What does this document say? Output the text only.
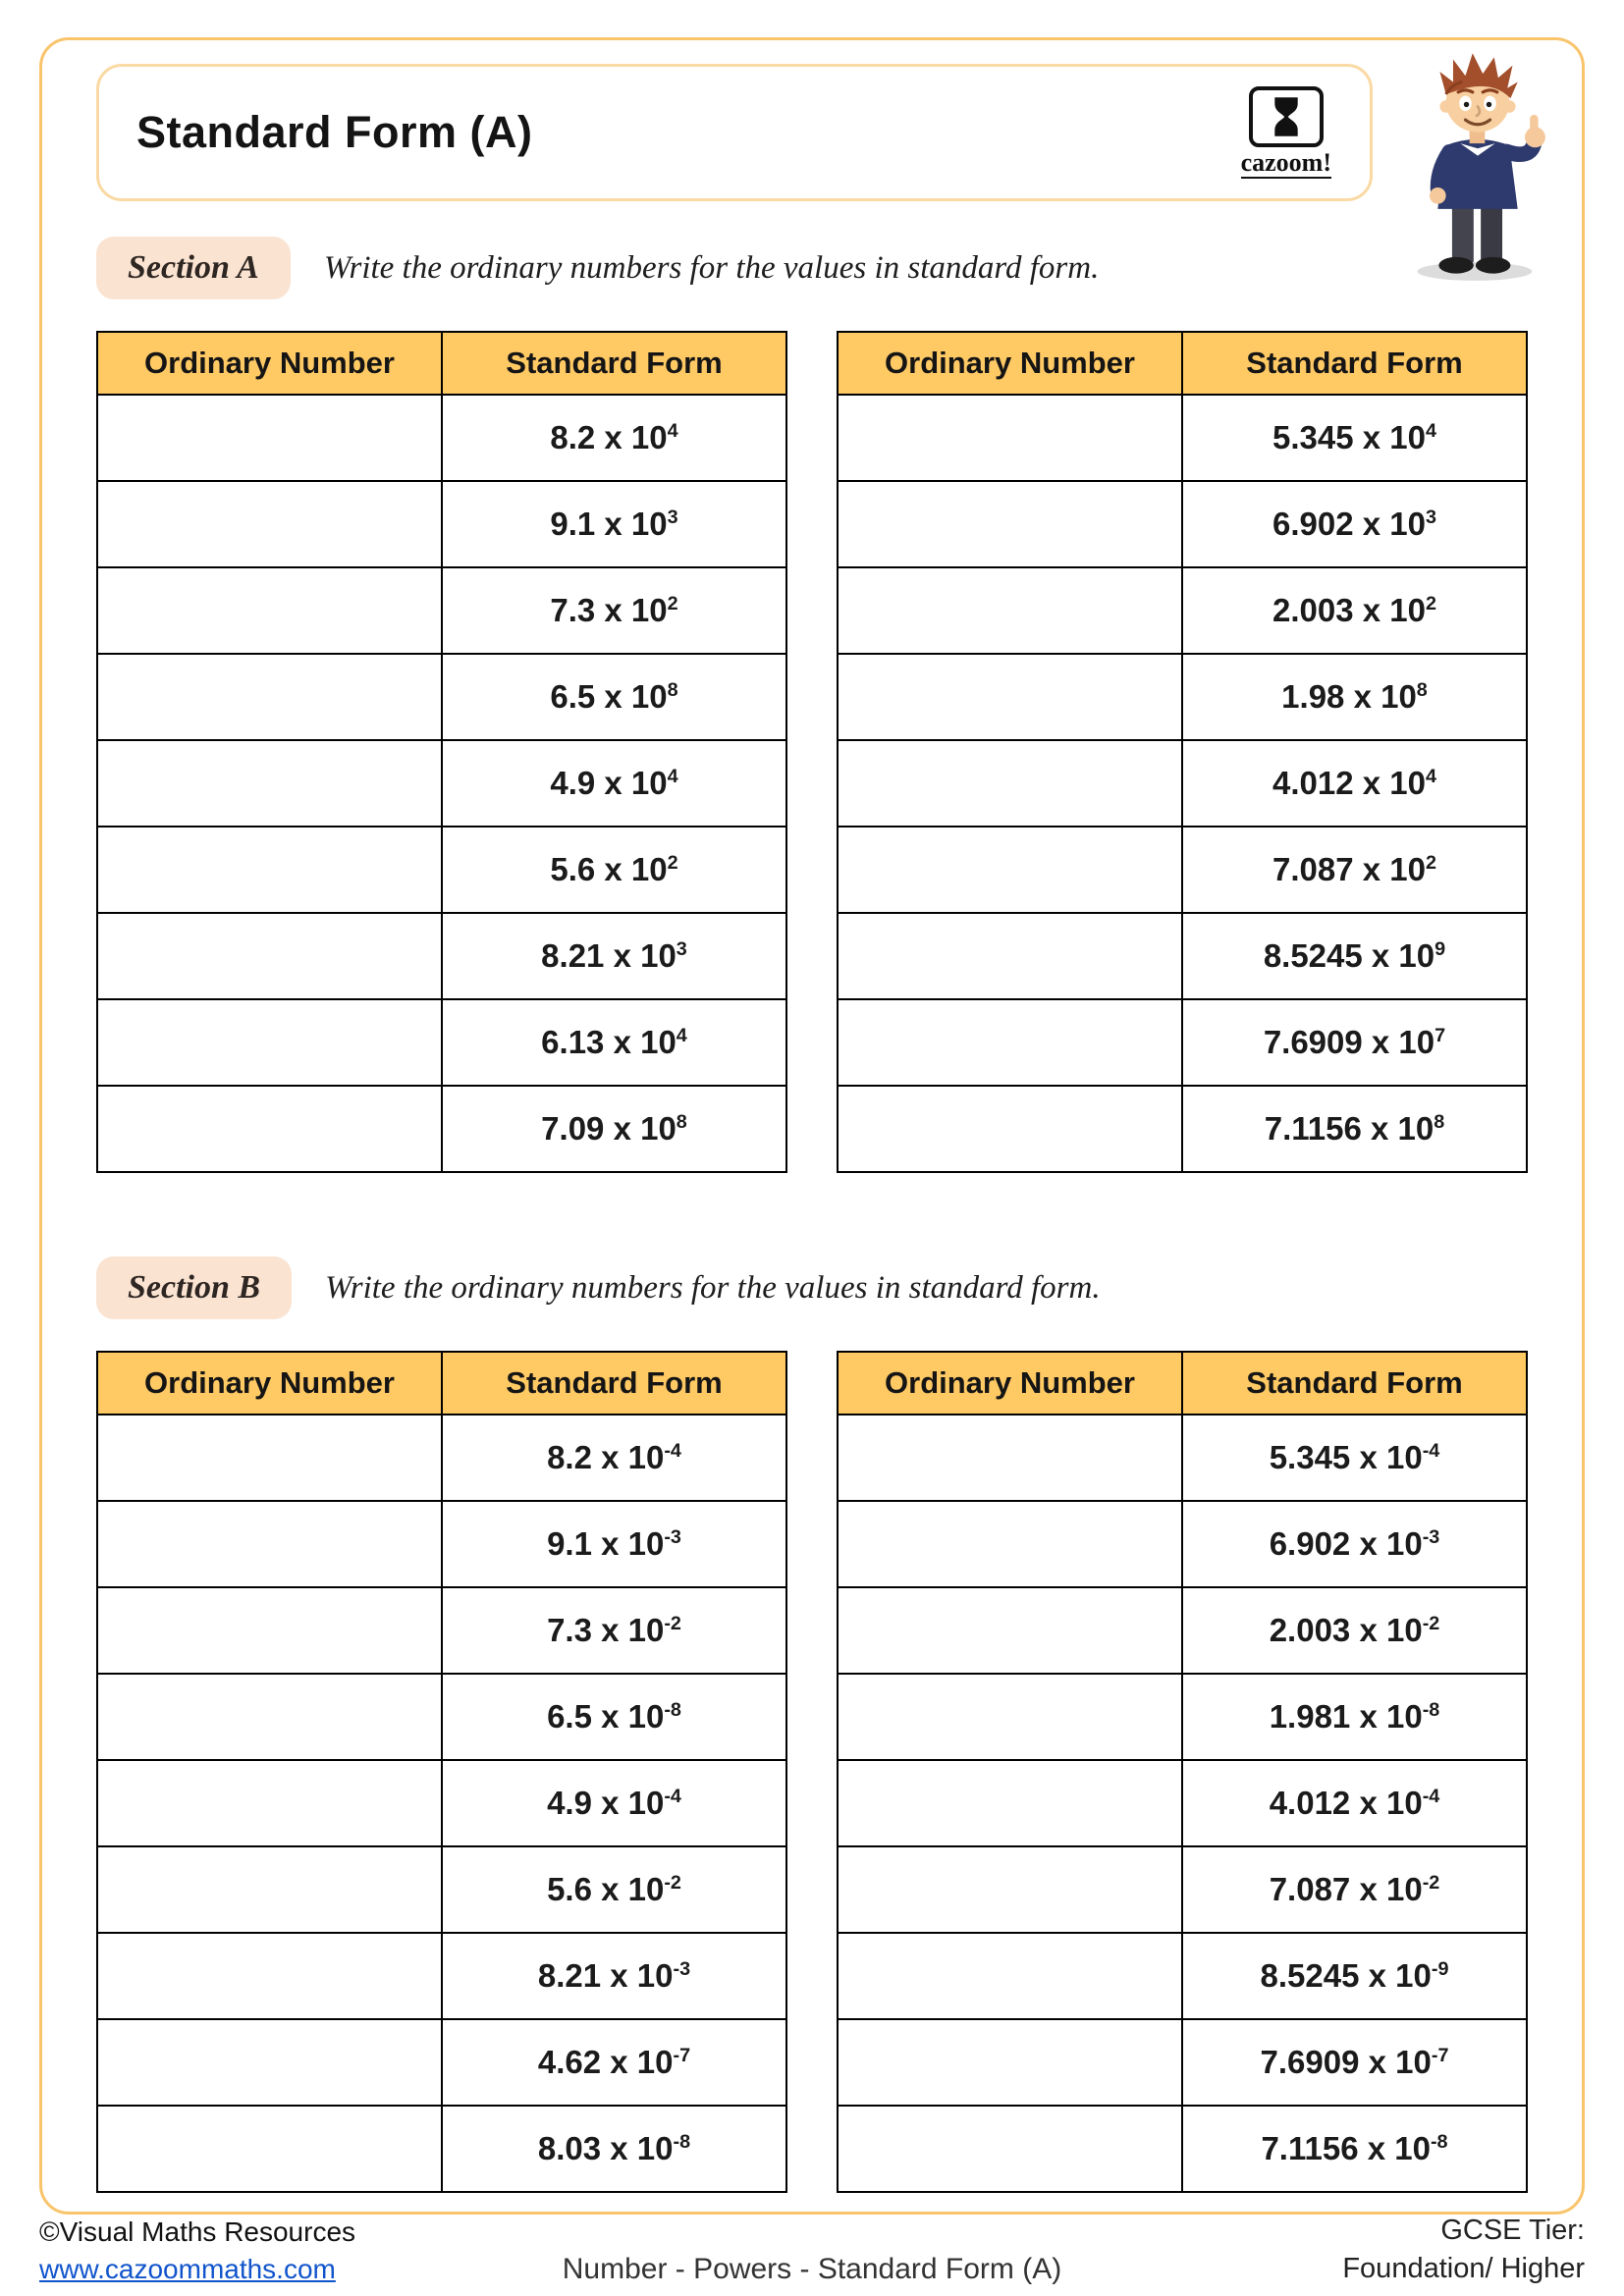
Standard Form (A)
cazoom!
Section A	Write the ordinary numbers for the values in standard form.

Ordinary Number	Standard Form
	8.2 x $10^4$
	9.1 x $10^3$
	7.3 x $10^2$
	6.5 x $10^8$
	4.9 x $10^4$
	5.6 x $10^2$
	8.21 x $10^3$
	6.13 x $10^4$
	7.09 x $10^8$
Ordinary Number	Standard Form
	5.345 x $10^4$
	6.902 x $10^3$
	2.003 x $10^2$
	1.98 x $10^8$
	4.012 x $10^4$
	7.087 x $10^2$
	8.5245 x $10^9$
	7.6909 x $10^7$
	7.1156 x $10^8$
Section B	Write the ordinary numbers for the values in standard form.

Ordinary Number	Standard Form
	8.2 x $10^{-4}$
	9.1 x $10^{-3}$
	7.3 x $10^{-2}$
	6.5 x $10^{-8}$
	4.9 x $10^{-4}$
	5.6 x $10^{-2}$
	8.21 x $10^{-3}$
	4.62 x $10^{-7}$
	8.03 x $10^{-8}$
Ordinary Number	Standard Form
	5.345 x $10^{-4}$
	6.902 x $10^{-3}$
	2.003 x $10^{-2}$
	1.981 x $10^{-8}$
	4.012 x $10^{-4}$
	7.087 x $10^{-2}$
	8.5245 x $10^{-9}$
	7.6909 x $10^{-7}$
	7.1156 x $10^{-8}$
©Visual Maths Resources
www.cazoommaths.com	Number - Powers - Standard Form (A)
GCSE Tier:
Foundation/ Higher
